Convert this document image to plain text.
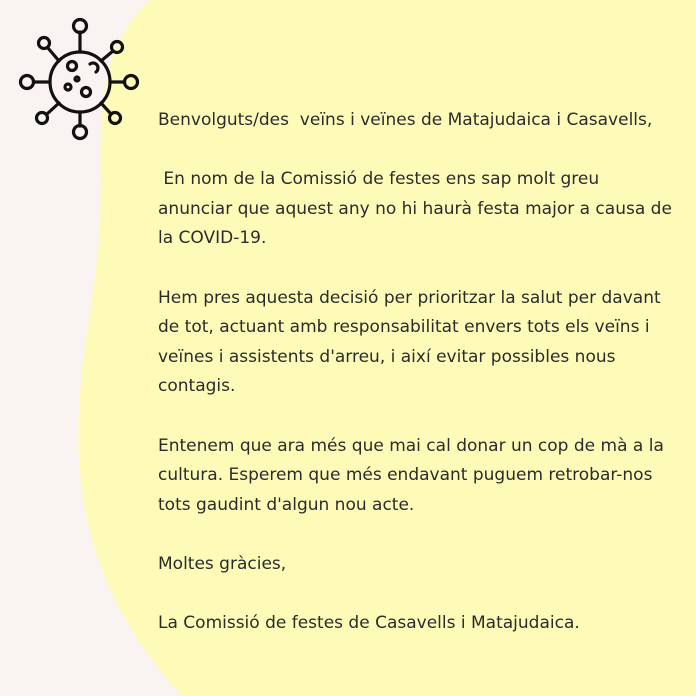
Benvolguts/des  veïns i veïnes de Matajudaica i Casavells,

En nom de la Comissió de festes ens sap molt greu anunciar que aquest any no hi haurà festa major a causa de la COVID-19.

Hem pres aquesta decisió per prioritzar la salut per davant de tot, actuant amb responsabilitat envers tots els veïns i veïnes i assistents d'arreu, i així evitar possibles nous contagis.

Entenem que ara més que mai cal donar un cop de mà a la cultura. Esperem que més endavant puguem retrobar-nos tots gaudint d'algun nou acte.

Moltes gràcies,

La Comissió de festes de Casavells i Matajudaica.
